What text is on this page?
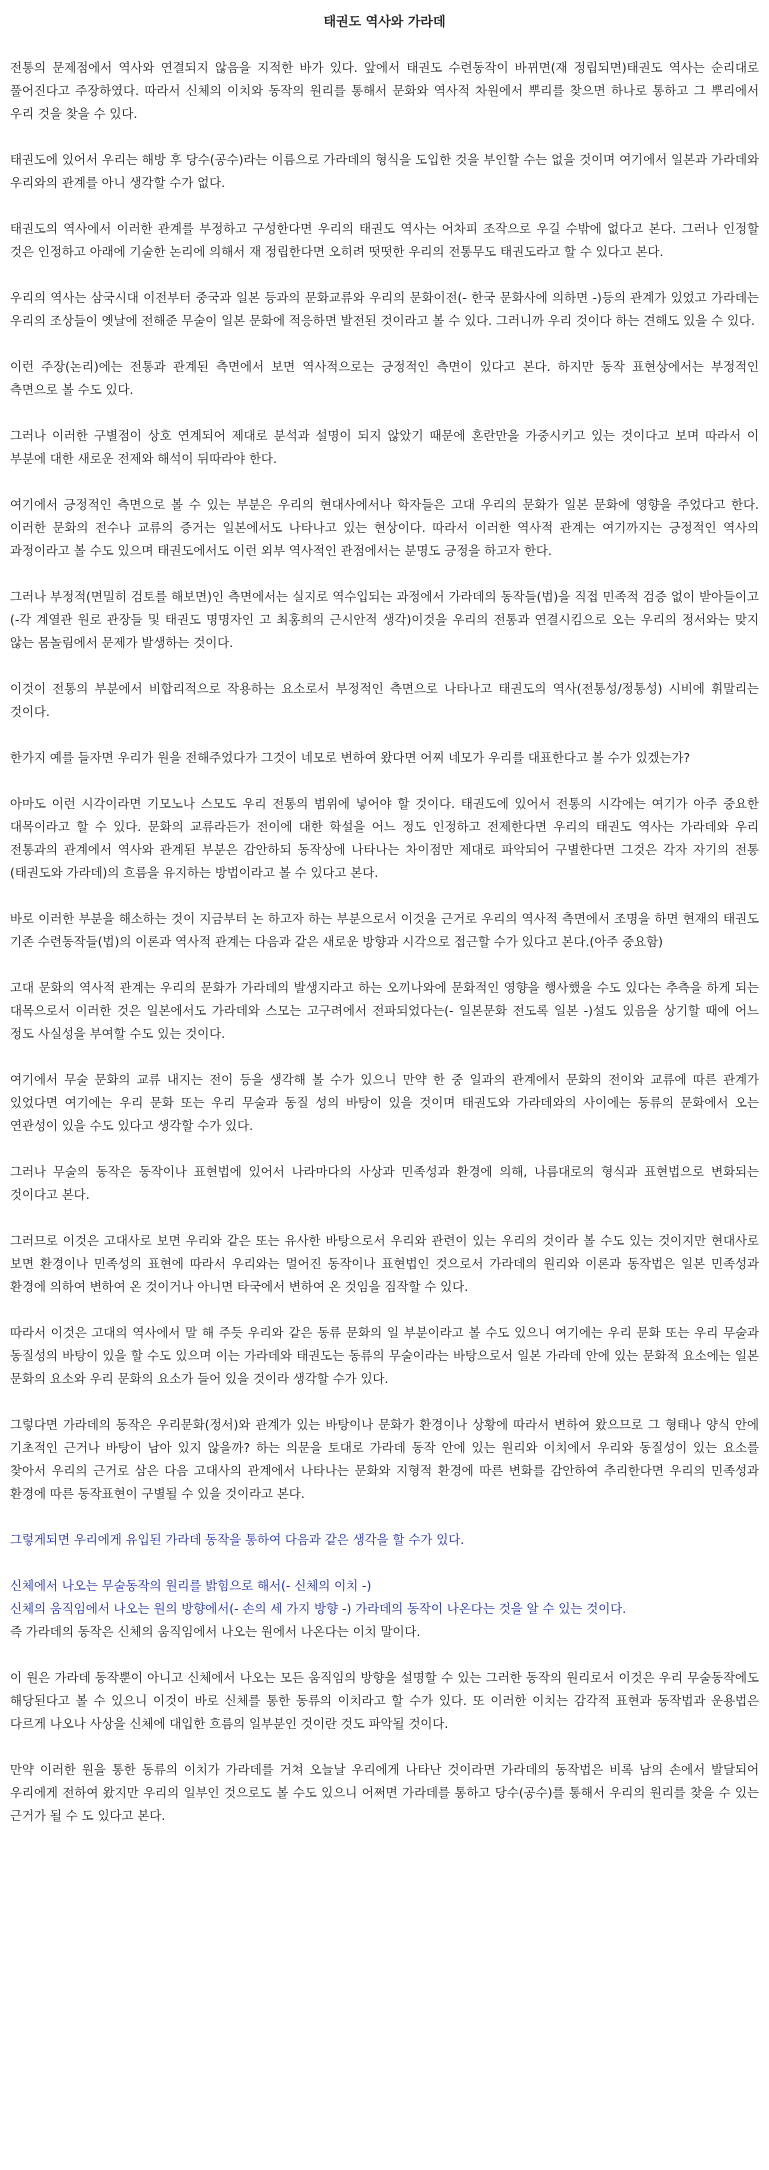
태권도 역사와 가라데
전통의 문제점에서 역사와 연결되지 않음을 지적한 바가 있다. 앞에서 태권도 수련동작이 바뀌면(재 정립되면)태권도 역사는 순리대로 풀어진다고 주장하였다. 따라서 신체의 이치와 동작의 원리를 통해서 문화와 역사적 차원에서 뿌리를 찾으면 하나로 통하고 그 뿌리에서 우리 것을 찾을 수 있다.
태권도에 있어서 우리는 해방 후 당수(공수)라는 이름으로 가라데의 형식을 도입한 것을 부인할 수는 없을 것이며 여기에서 일본과 가라데와 우리와의 관계를 아니 생각할 수가 없다.
태권도의 역사에서 이러한 관계를 부정하고 구성한다면 우리의 태권도 역사는 어차피 조작으로 우길 수밖에 없다고 본다. 그러나 인정할 것은 인정하고 아래에 기술한 논리에 의해서 재 정립한다면 오히려 떳떳한 우리의 전통무도 태권도라고 할 수 있다고 본다.
우리의 역사는 삼국시대 이전부터 중국과 일본 등과의 문화교류와 우리의 문화이전(- 한국 문화사에 의하면 -)등의 관계가 있었고 가라데는 우리의 조상들이 옛날에 전해준 무술이 일본 문화에 적응하면 발전된 것이라고 볼 수 있다. 그러니까 우리 것이다 하는 견해도 있을 수 있다.
이런 주장(논리)에는 전통과 관계된 측면에서 보면 역사적으로는 긍정적인 측면이 있다고 본다. 하지만 동작 표현상에서는 부정적인 측면으로 볼 수도 있다.
그러나 이러한 구별점이 상호 연계되어 제대로 분석과 설명이 되지 않았기 때문에 혼란만을 가중시키고 있는 것이다고 보며 따라서 이 부분에 대한 새로운 전제와 해석이 뒤따라야 한다.
여기에서 긍정적인 측면으로 볼 수 있는 부분은 우리의 현대사에서나 학자들은 고대 우리의 문화가 일본 문화에 영향을 주었다고 한다. 이러한 문화의 전수나 교류의 증거는 일본에서도 나타나고 있는 현상이다. 따라서 이러한 역사적 관계는 여기까지는 긍정적인 역사의 과정이라고 볼 수도 있으며 태권도에서도 이런 외부 역사적인 관점에서는 분명도 긍정을 하고자 한다.
그러나 부정적(면밀히 검토를 해보면)인 측면에서는 실지로 역수입되는 과정에서 가라데의 동작들(법)을 직접 민족적 검증 없이 받아들이고(-각 계열관 원로 관장들 및 태권도 명명자인 고 최홍희의 근시안적 생각)이것을 우리의 전통과 연결시킴으로 오는 우리의 정서와는 맞지 않는 몸놀림에서 문제가 발생하는 것이다.
이것이 전통의 부분에서 비합리적으로 작용하는 요소로서 부정적인 측면으로 나타나고 태권도의 역사(전통성/정통성) 시비에 휘말리는 것이다.
한가지 예를 들자면 우리가 원을 전해주었다가 그것이 네모로 변하여 왔다면 어찌 네모가 우리를 대표한다고 볼 수가 있겠는가?
아마도 이런 시각이라면 기모노나 스모도 우리 전통의 범위에 넣어야 할 것이다. 태권도에 있어서 전통의 시각에는 여기가 아주 중요한 대목이라고 할 수 있다. 문화의 교류라든가 전이에 대한 학설을 어느 정도 인정하고 전제한다면 우리의 태권도 역사는 가라데와 우리 전통과의 관계에서 역사와 관계된 부분은 감안하되 동작상에 나타나는 차이점만 제대로 파악되어 구별한다면 그것은 각자 자기의 전통(태권도와 가라데)의 흐름을 유지하는 방법이라고 볼 수 있다고 본다.
바로 이러한 부분을 해소하는 것이 지금부터 논 하고자 하는 부분으로서 이것을 근거로 우리의 역사적 측면에서 조명을 하면 현재의 태권도 기존 수련동작들(법)의 이론과 역사적 관계는 다음과 같은 새로운 방향과 시각으로 접근할 수가 있다고 본다.(아주 중요함)
고대 문화의 역사적 관계는 우리의 문화가 가라데의 발생지라고 하는 오끼나와에 문화적인 영향을 행사했을 수도 있다는 추측을 하게 되는 대목으로서 이러한 것은 일본에서도 가라데와 스모는 고구려에서 전파되었다는(- 일본문화 전도록 일본 -)설도 있음을 상기할 때에 어느 정도 사실성을 부여할 수도 있는 것이다.
여기에서 무술 문화의 교류 내지는 전이 등을 생각해 볼 수가 있으니 만약 한 중 일과의 관계에서 문화의 전이와 교류에 따른 관계가 있었다면 여기에는 우리 문화 또는 우리 무술과 동질 성의 바탕이 있을 것이며 태권도와 가라데와의 사이에는 동류의 문화에서 오는 연관성이 있을 수도 있다고 생각할 수가 있다.
그러나 무술의 동작은 동작이나 표현법에 있어서 나라마다의 사상과 민족성과 환경에 의해, 나름대로의 형식과 표현법으로 변화되는 것이다고 본다.
그러므로 이것은 고대사로 보면 우리와 같은 또는 유사한 바탕으로서 우리와 관련이 있는 우리의 것이라 볼 수도 있는 것이지만 현대사로 보면 환경이나 민족성의 표현에 따라서 우리와는 멀어진 동작이나 표현법인 것으로서 가라데의 원리와 이론과 동작법은 일본 민족성과 환경에 의하여 변하여 온 것이거나 아니면 타국에서 변하여 온 것임을 짐작할 수 있다.
따라서 이것은 고대의 역사에서 말 해 주듯 우리와 같은 동류 문화의 일 부분이라고 볼 수도 있으니 여기에는 우리 문화 또는 우리 무술과 동질성의 바탕이 있을 할 수도 있으며 이는 가라데와 태권도는 동류의 무술이라는 바탕으로서 일본 가라데 안에 있는 문화적 요소에는 일본 문화의 요소와 우리 문화의 요소가 들어 있을 것이라 생각할 수가 있다.
그렇다면 가라데의 동작은 우리문화(정서)와 관계가 있는 바탕이나 문화가 환경이나 상황에 따라서 변하여 왔으므로 그 형태나 양식 안에 기초적인 근거나 바탕이 남아 있지 않을까? 하는 의문을 토대로 가라데 동작 안에 있는 원리와 이치에서 우리와 동질성이 있는 요소를 찾아서 우리의 근거로 삼은 다음 고대사의 관계에서 나타나는 문화와 지형적 환경에 따른 변화를 감안하여 추리한다면 우리의 민족성과 환경에 따른 동작표현이 구별될 수 있을 것이라고 본다.
그렇게되면 우리에게 유입된 가라데 동작을 통하여 다음과 같은 생각을 할 수가 있다.
신체에서 나오는 무술동작의 원리를 밝힘으로 해서(- 신체의 이치 -)
신체의 움직임에서 나오는 원의 방향에서(- 손의 세 가지 방향 -) 가라데의 동작이 나온다는 것을 알 수 있는 것이다.
즉 가라데의 동작은 신체의 움직임에서 나오는 원에서 나온다는 이치 말이다.
이 원은 가라데 동작뿐이 아니고 신체에서 나오는 모든 움직임의 방향을 설명할 수 있는 그러한 동작의 원리로서 이것은 우리 무술동작에도 해당된다고 볼 수 있으니 이것이 바로 신체를 통한 동류의 이치라고 할 수가 있다. 또 이러한 이치는 감각적 표현과 동작법과 운용법은 다르게 나오나 사상을 신체에 대입한 흐름의 일부분인 것이란 것도 파악될 것이다.
만약 이러한 원을 통한 동류의 이치가 가라데를 거쳐 오늘날 우리에게 나타난 것이라면 가라데의 동작법은 비록 남의 손에서 발달되어 우리에게 전하여 왔지만 우리의 일부인 것으로도 볼 수도 있으니 어쩌면 가라데를 통하고 당수(공수)를 통해서 우리의 원리를 찾을 수 있는 근거가 될 수 도 있다고 본다.
